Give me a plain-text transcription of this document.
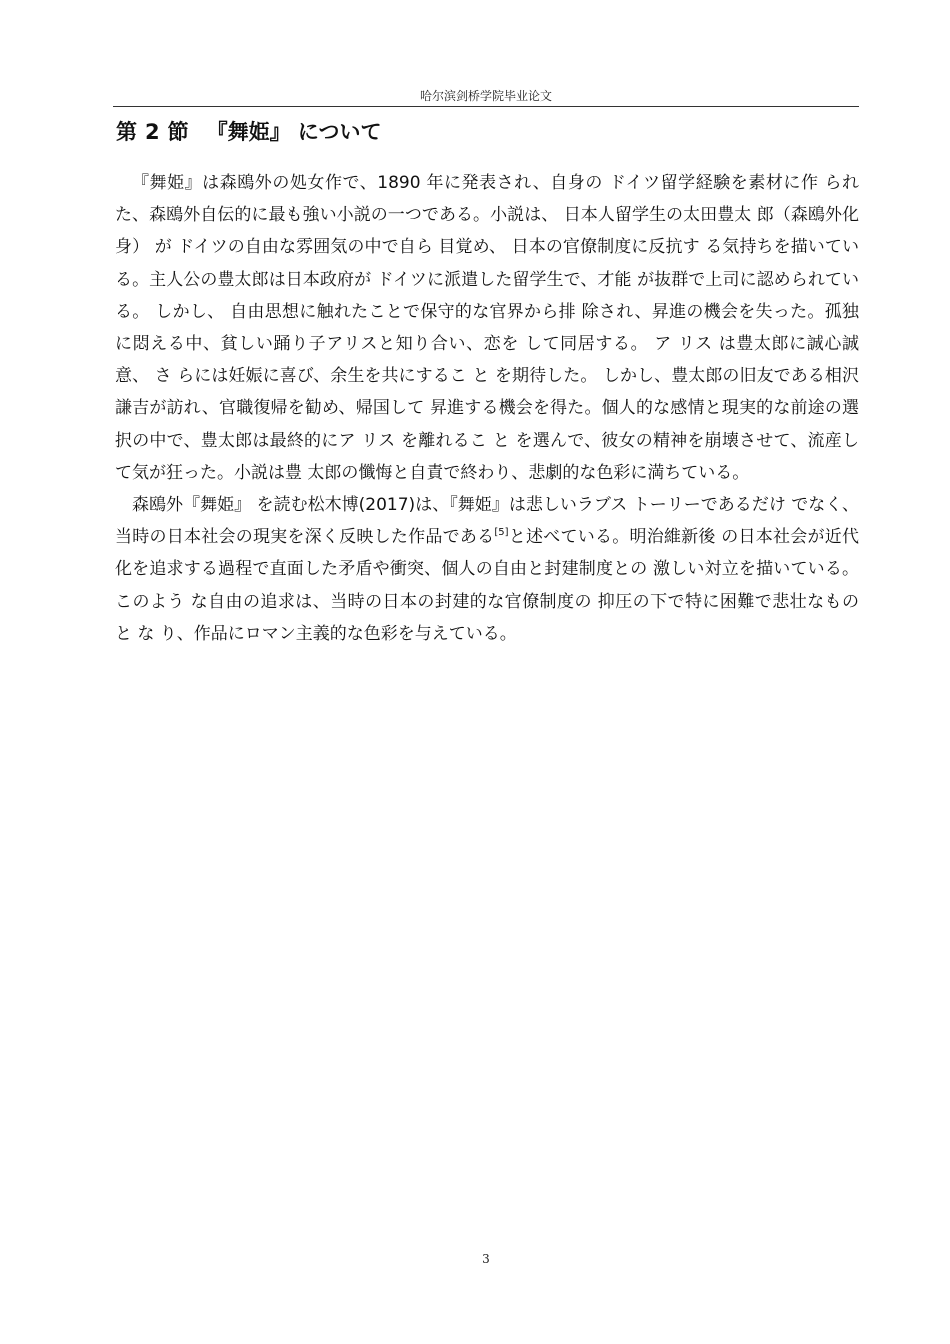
哈尔滨剑桥学院毕业论文
第 2 節 『舞姫』 について

『舞姫』は森鴎外の処女作で、1890 年に発表され、自身の ドイツ留学経験を素材に作 られた、森鴎外自伝的に最も強い小説の一つである。小説は、 日本人留学生の太田豊太 郎（森鴎外化身） が ドイツの自由な雰囲気の中で自ら 目覚め、 日本の官僚制度に反抗す る気持ちを描いている。主人公の豊太郎は日本政府が ドイツに派遣した留学生で、才能 が抜群で上司に認められている。 しかし、 自由思想に触れたことで保守的な官界から排 除され、昇進の機会を失った。孤独に悶える中、貧しい踊り子アリスと知り合い、恋を して同居する。 ア リス は豊太郎に誠心誠意、 さ らには妊娠に喜び、余生を共にするこ と を期待した。 しかし、豊太郎の旧友である相沢謙吉が訪れ、官職復帰を勧め、帰国して 昇進する機会を得た。個人的な感情と現実的な前途の選択の中で、豊太郎は最終的にア リス を離れるこ と を選んで、彼女の精神を崩壊させて、流産して気が狂った。小説は豊 太郎の懺悔と自責で終わり、悲劇的な色彩に満ちている。

森鴎外『舞姫』 を読む松木博(2017)は、『舞姫』は悲しいラブス トーリーであるだけ でなく、当時の日本社会の現実を深く反映した作品である[5]と述べている。明治維新後 の日本社会が近代化を追求する過程で直面した矛盾や衝突、個人の自由と封建制度との 激しい対立を描いている。 このよう な自由の追求は、当時の日本の封建的な官僚制度の 抑圧の下で特に困難で悲壮なもの と な り、作品にロマン主義的な色彩を与えている。

3
